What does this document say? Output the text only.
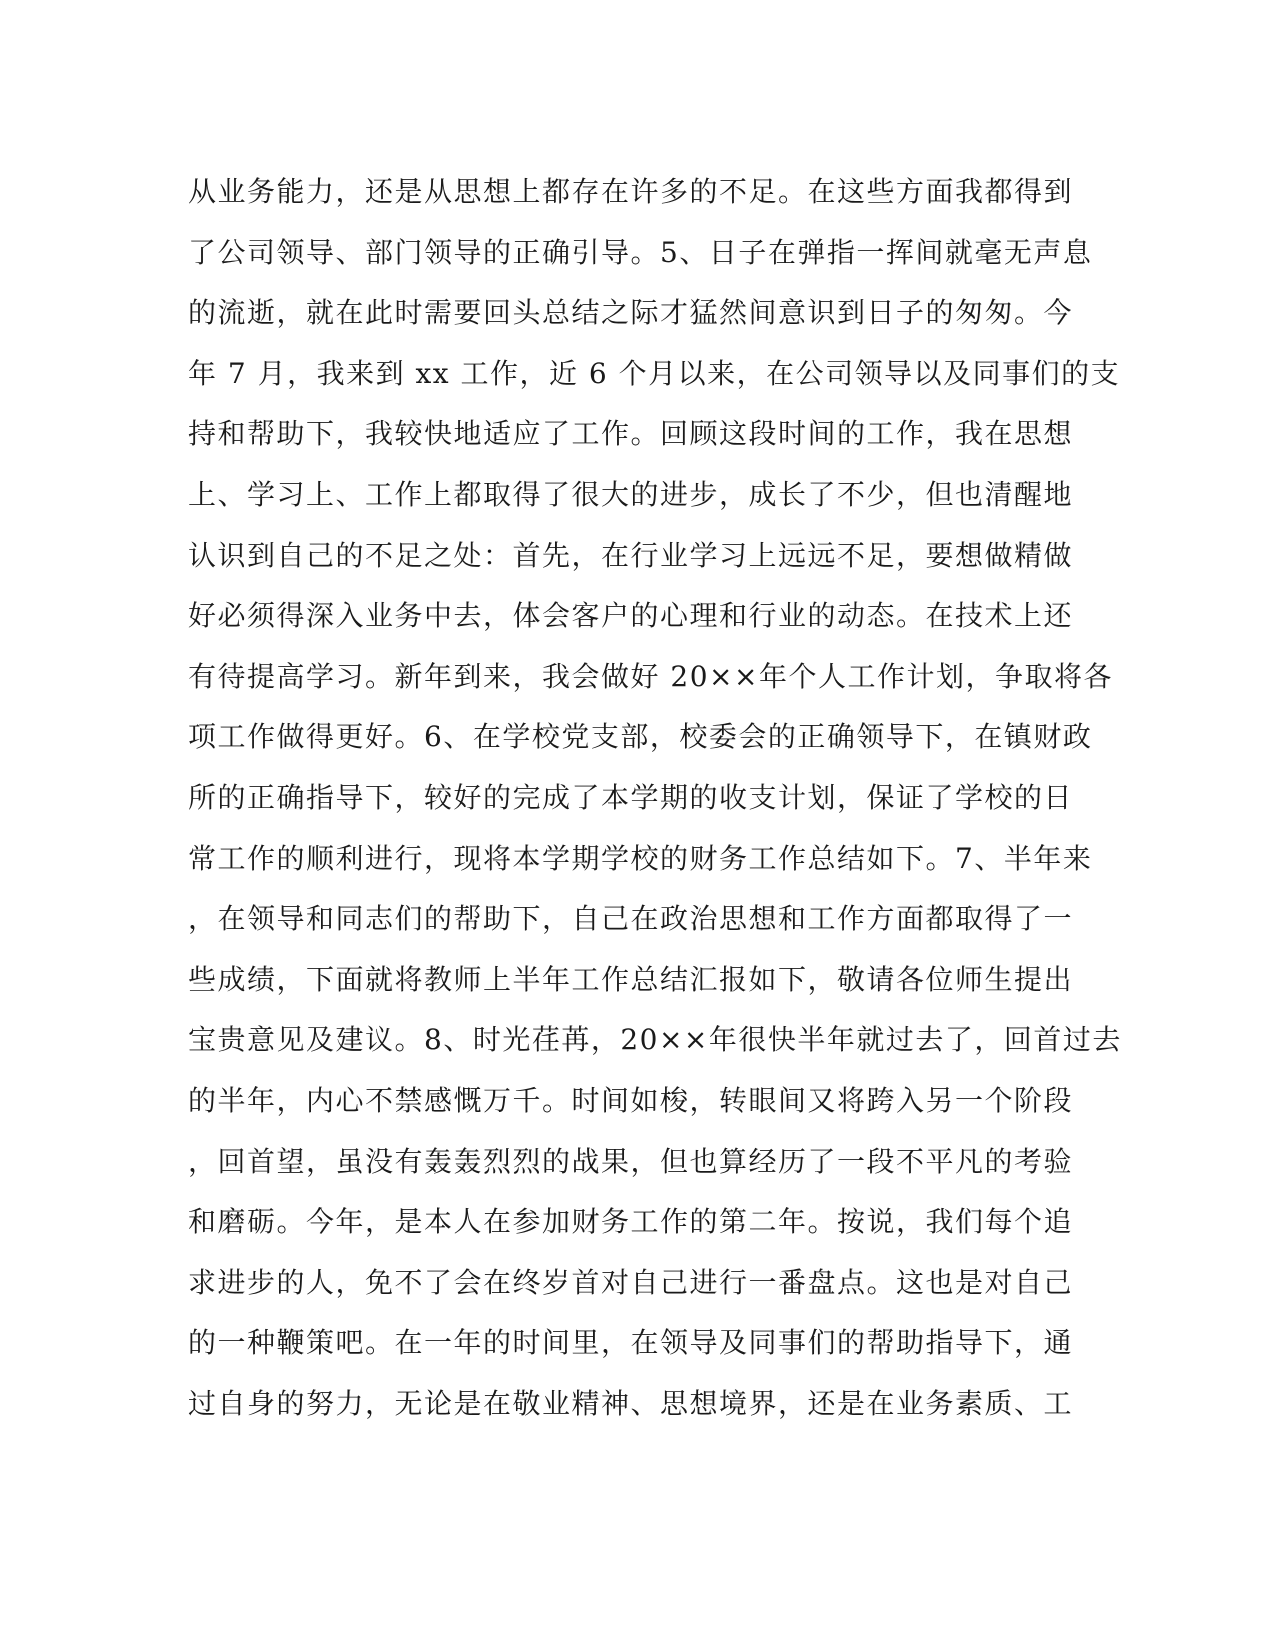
从业务能力，还是从思想上都存在许多的不足。在这些方面我都得到
了公司领导、部门领导的正确引导。5、日子在弹指一挥间就毫无声息
的流逝，就在此时需要回头总结之际才猛然间意识到日子的匆匆。今
年 7 月，我来到 xx 工作，近 6 个月以来，在公司领导以及同事们的支
持和帮助下，我较快地适应了工作。回顾这段时间的工作，我在思想
上、学习上、工作上都取得了很大的进步，成长了不少，但也清醒地
认识到自己的不足之处：首先，在行业学习上远远不足，要想做精做
好必须得深入业务中去，体会客户的心理和行业的动态。在技术上还
有待提高学习。新年到来，我会做好 20××年个人工作计划，争取将各
项工作做得更好。6、在学校党支部，校委会的正确领导下，在镇财政
所的正确指导下，较好的完成了本学期的收支计划，保证了学校的日
常工作的顺利进行，现将本学期学校的财务工作总结如下。7、半年来
，在领导和同志们的帮助下，自己在政治思想和工作方面都取得了一
些成绩，下面就将教师上半年工作总结汇报如下，敬请各位师生提出
宝贵意见及建议。8、时光荏苒，20××年很快半年就过去了，回首过去
的半年，内心不禁感慨万千。时间如梭，转眼间又将跨入另一个阶段
，回首望，虽没有轰轰烈烈的战果，但也算经历了一段不平凡的考验
和磨砺。今年，是本人在参加财务工作的第二年。按说，我们每个追
求进步的人，免不了会在终岁首对自己进行一番盘点。这也是对自己
的一种鞭策吧。在一年的时间里，在领导及同事们的帮助指导下，通
过自身的努力，无论是在敬业精神、思想境界，还是在业务素质、工
